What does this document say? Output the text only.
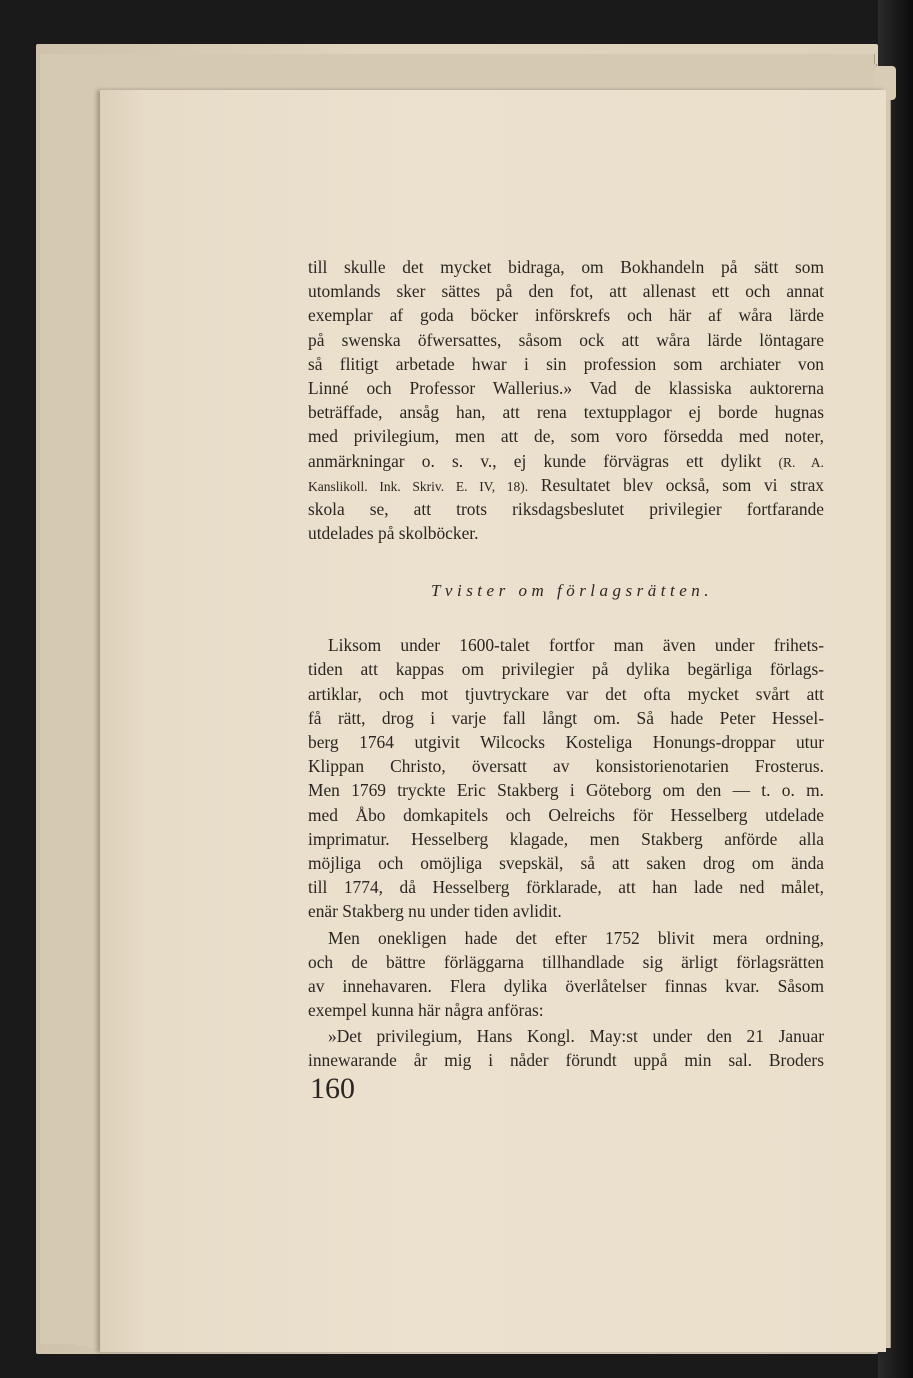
till skulle det mycket bidraga, om Bokhandeln på sätt som
utomlands sker sättes på den fot, att allenast ett och annat
exemplar af goda böcker införskrefs och här af wåra lärde
på swenska öfwersattes, såsom ock att wåra lärde löntagare
så flitigt arbetade hwar i sin profession som archiater von
Linné och Professor Wallerius.» Vad de klassiska auktorerna
beträffade, ansåg han, att rena textupplagor ej borde hugnas
med privilegium, men att de, som voro försedda med noter,
anmärkningar o. s. v., ej kunde förvägras ett dylikt (R. A.
Kanslikoll. Ink. Skriv. E. IV, 18). Resultatet blev också, som vi strax
skola se, att trots riksdagsbeslutet privilegier fortfarande
utdelades på skolböcker.
Tvister om förlagsrätten.
Liksom under 1600-talet fortfor man även under frihets-
tiden att kappas om privilegier på dylika begärliga förlags-
artiklar, och mot tjuvtryckare var det ofta mycket svårt att
få rätt, drog i varje fall långt om. Så hade Peter Hessel-
berg 1764 utgivit Wilcocks Kosteliga Honungs-droppar utur
Klippan Christo, översatt av konsistorienotarien Frosterus.
Men 1769 tryckte Eric Stakberg i Göteborg om den — t. o. m.
med Åbo domkapitels och Oelreichs för Hesselberg utdelade
imprimatur. Hesselberg klagade, men Stakberg anförde alla
möjliga och omöjliga svepskäl, så att saken drog om ända
till 1774, då Hesselberg förklarade, att han lade ned målet,
enär Stakberg nu under tiden avlidit.
Men onekligen hade det efter 1752 blivit mera ordning,
och de bättre förläggarna tillhandlade sig ärligt förlagsrätten
av innehavaren. Flera dylika överlåtelser finnas kvar. Såsom
exempel kunna här några anföras:
»Det privilegium, Hans Kongl. May:st under den 21 Januar
innewarande år mig i nåder förundt uppå min sal. Broders
160
